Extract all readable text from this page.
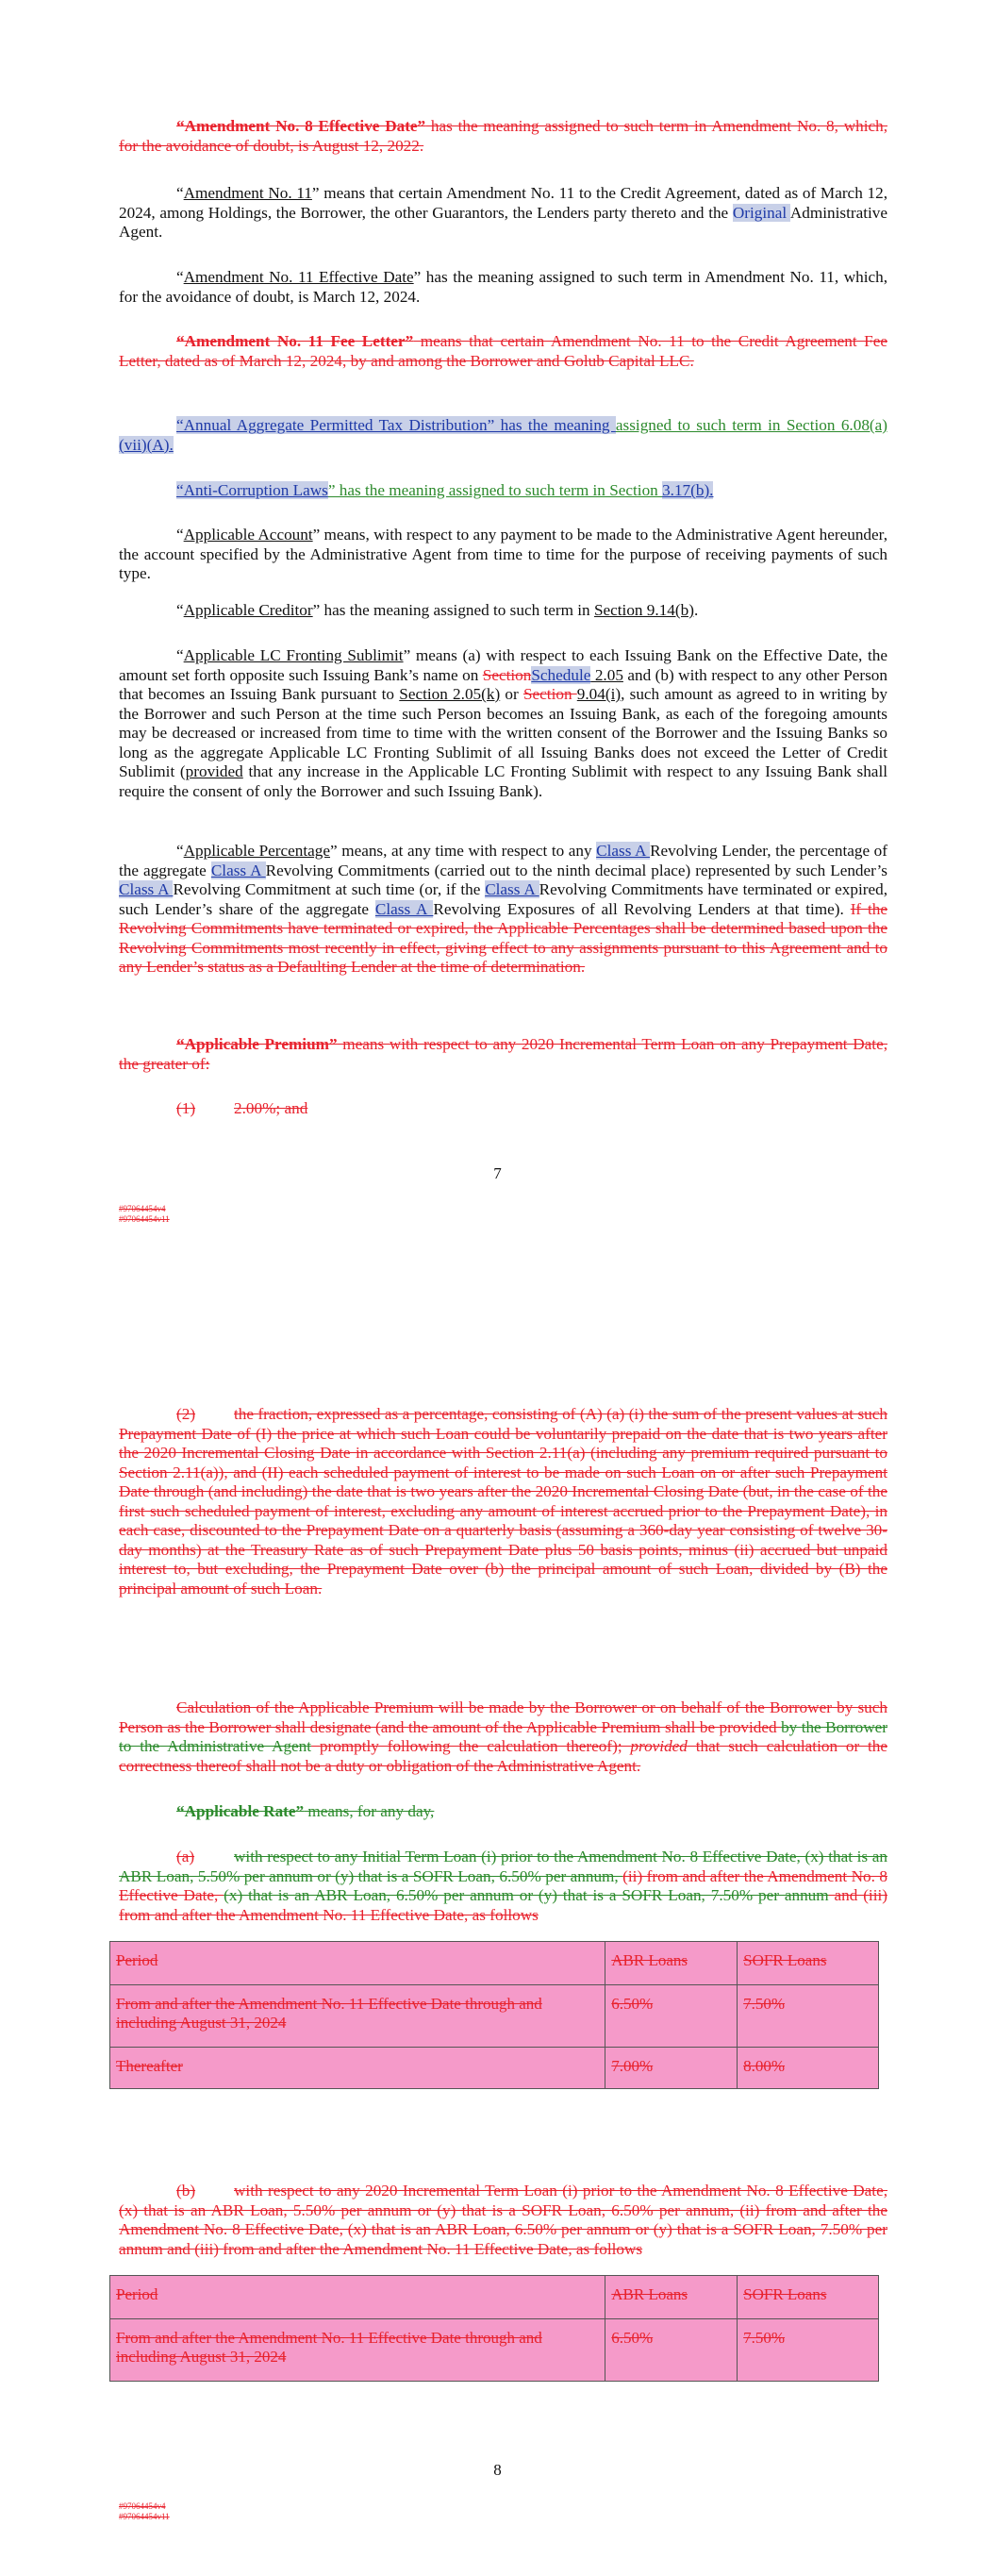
“Amendment No. 8 Effective Date” has the meaning assigned to such term in Amendment No. 8, which, for the avoidance of doubt, is August 12, 2022.
“Amendment No. 11” means that certain Amendment No. 11 to the Credit Agreement, dated as of March 12, 2024, among Holdings, the Borrower, the other Guarantors, the Lenders party thereto and the Original Administrative Agent.
“Amendment No. 11 Effective Date” has the meaning assigned to such term in Amendment No. 11, which, for the avoidance of doubt, is March 12, 2024.
“Amendment No. 11 Fee Letter” means that certain Amendment No. 11 to the Credit Agreement Fee Letter, dated as of March 12, 2024, by and among the Borrower and Golub Capital LLC.
“Annual Aggregate Permitted Tax Distribution” has the meaning assigned to such term in Section 6.08(a)(vii)(A).
“Anti-Corruption Laws” has the meaning assigned to such term in Section 3.17(b).
“Applicable Account” means, with respect to any payment to be made to the Administrative Agent hereunder, the account specified by the Administrative Agent from time to time for the purpose of receiving payments of such type.
“Applicable Creditor” has the meaning assigned to such term in Section 9.14(b).
“Applicable LC Fronting Sublimit” means (a) with respect to each Issuing Bank on the Effective Date, the amount set forth opposite such Issuing Bank’s name on SectionSchedule 2.05 and (b) with respect to any other Person that becomes an Issuing Bank pursuant to Section 2.05(k) or Section 9.04(i), such amount as agreed to in writing by the Borrower and such Person at the time such Person becomes an Issuing Bank, as each of the foregoing amounts may be decreased or increased from time to time with the written consent of the Borrower and the Issuing Banks so long as the aggregate Applicable LC Fronting Sublimit of all Issuing Banks does not exceed the Letter of Credit Sublimit (provided that any increase in the Applicable LC Fronting Sublimit with respect to any Issuing Bank shall require the consent of only the Borrower and such Issuing Bank).
“Applicable Percentage” means, at any time with respect to any Class A Revolving Lender, the percentage of the aggregate Class A Revolving Commitments (carried out to the ninth decimal place) represented by such Lender’s Class A Revolving Commitment at such time (or, if the Class A Revolving Commitments have terminated or expired, such Lender’s share of the aggregate Class A Revolving Exposures of all Revolving Lenders at that time). If the Revolving Commitments have terminated or expired, the Applicable Percentages shall be determined based upon the Revolving Commitments most recently in effect, giving effect to any assignments pursuant to this Agreement and to any Lender’s status as a Defaulting Lender at the time of determination.
“Applicable Premium” means with respect to any 2020 Incremental Term Loan on any Prepayment Date, the greater of:
(1) 2.00%; and
7
#97064454v4
#97064454v11
(2) the fraction, expressed as a percentage, consisting of (A) (a) (i) the sum of the present values at such Prepayment Date of (I) the price at which such Loan could be voluntarily prepaid on the date that is two years after the 2020 Incremental Closing Date in accordance with Section 2.11(a) (including any premium required pursuant to Section 2.11(a)), and (II) each scheduled payment of interest to be made on such Loan on or after such Prepayment Date through (and including) the date that is two years after the 2020 Incremental Closing Date (but, in the case of the first such scheduled payment of interest, excluding any amount of interest accrued prior to the Prepayment Date), in each case, discounted to the Prepayment Date on a quarterly basis (assuming a 360-day year consisting of twelve 30-day months) at the Treasury Rate as of such Prepayment Date plus 50 basis points, minus (ii) accrued but unpaid interest to, but excluding, the Prepayment Date over (b) the principal amount of such Loan, divided by (B) the principal amount of such Loan.
Calculation of the Applicable Premium will be made by the Borrower or on behalf of the Borrower by such Person as the Borrower shall designate (and the amount of the Applicable Premium shall be provided by the Borrower to the Administrative Agent promptly following the calculation thereof); provided that such calculation or the correctness thereof shall not be a duty or obligation of the Administrative Agent.
“Applicable Rate” means, for any day,
(a) with respect to any Initial Term Loan (i) prior to the Amendment No. 8 Effective Date, (x) that is an ABR Loan, 5.50% per annum or (y) that is a SOFR Loan, 6.50% per annum, (ii) from and after the Amendment No. 8 Effective Date, (x) that is an ABR Loan, 6.50% per annum or (y) that is a SOFR Loan, 7.50% per annum and (iii) from and after the Amendment No. 11 Effective Date, as follows
Period	ABR Loans	SOFR Loans
From and after the Amendment No. 11 Effective Date through and including August 31, 2024	6.50%	7.50%
Thereafter	7.00%	8.00%
(b) with respect to any 2020 Incremental Term Loan (i) prior to the Amendment No. 8 Effective Date, (x) that is an ABR Loan, 5.50% per annum or (y) that is a SOFR Loan, 6.50% per annum, (ii) from and after the Amendment No. 8 Effective Date, (x) that is an ABR Loan, 6.50% per annum or (y) that is a SOFR Loan, 7.50% per annum and (iii) from and after the Amendment No. 11 Effective Date, as follows
Period	ABR Loans	SOFR Loans
From and after the Amendment No. 11 Effective Date through and including August 31, 2024	6.50%	7.50%
8
#97064454v4
#97064454v11
